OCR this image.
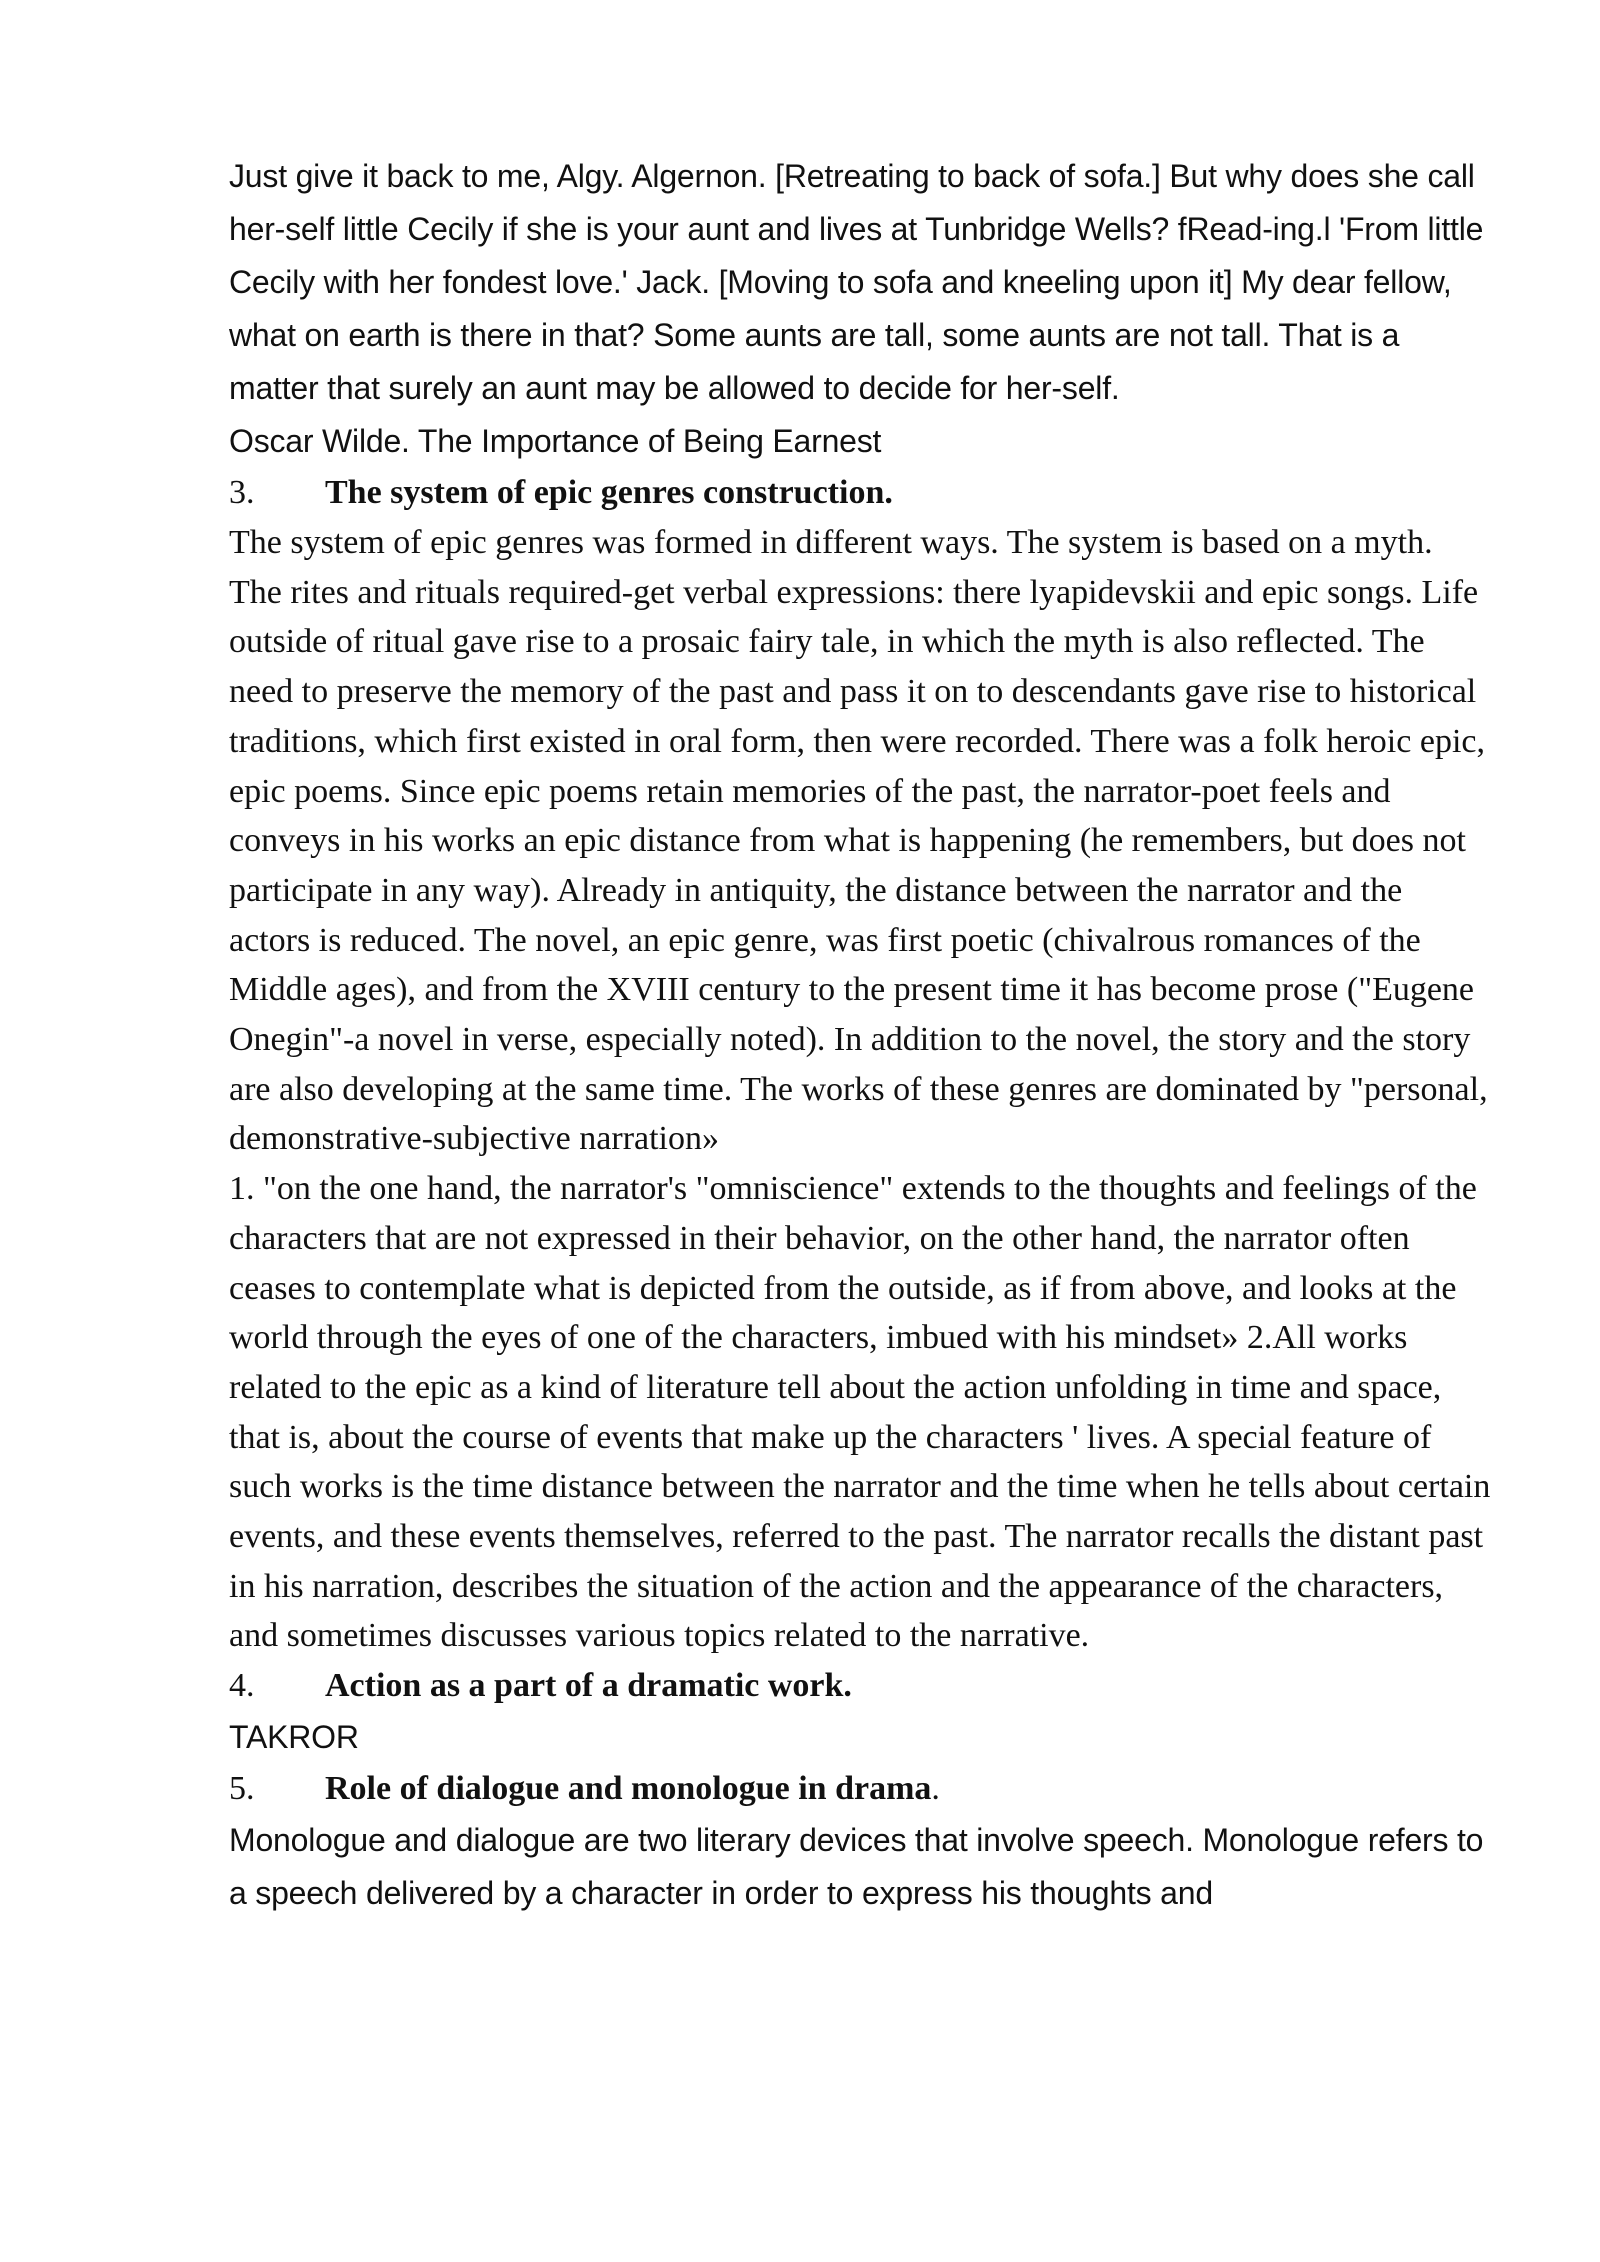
Just give it back to me, Algy. Algernon. [Retreating to back of sofa.] But why does she call her-self little Cecily if she is your aunt and lives at Tunbridge Wells? fRead-ing.l 'From little Cecily with her fondest love.' Jack. [Moving to sofa and kneeling upon it] My dear fellow, what on earth is there in that? Some aunts are tall, some aunts are not tall. That is a matter that surely an aunt may be allowed to decide for her-self.

Oscar Wilde. The Importance of Being Earnest

3.	The system of epic genres construction.

The system of epic genres was formed in different ways. The system is based on a myth. The rites and rituals required-get verbal expressions: there lyapidevskii and epic songs. Life outside of ritual gave rise to a prosaic fairy tale, in which the myth is also reflected. The need to preserve the memory of the past and pass it on to descendants gave rise to historical traditions, which first existed in oral form, then were recorded. There was a folk heroic epic, epic poems. Since epic poems retain memories of the past, the narrator-poet feels and conveys in his works an epic distance from what is happening (he remembers, but does not participate in any way). Already in antiquity, the distance between the narrator and the actors is reduced. The novel, an epic genre, was first poetic (chivalrous romances of the Middle ages), and from the XVIII century to the present time it has become prose ("Eugene Onegin"-a novel in verse, especially noted). In addition to the novel, the story and the story are also developing at the same time. The works of these genres are dominated by "personal, demonstrative-subjective narration»

1. "on the one hand, the narrator's "omniscience" extends to the thoughts and feelings of the characters that are not expressed in their behavior, on the other hand, the narrator often ceases to contemplate what is depicted from the outside, as if from above, and looks at the world through the eyes of one of the characters, imbued with his mindset» 2.All works related to the epic as a kind of literature tell about the action unfolding in time and space, that is, about the course of events that make up the characters ' lives. A special feature of such works is the time distance between the narrator and the time when he tells about certain events, and these events themselves, referred to the past. The narrator recalls the distant past in his narration, describes the situation of the action and the appearance of the characters, and sometimes discusses various topics related to the narrative.

4.	Action as a part of a dramatic work.

TAKROR

5.	Role of dialogue and monologue in drama .

Monologue and dialogue are two literary devices that involve speech. Monologue refers to a speech delivered by a character in order to express his thoughts and
